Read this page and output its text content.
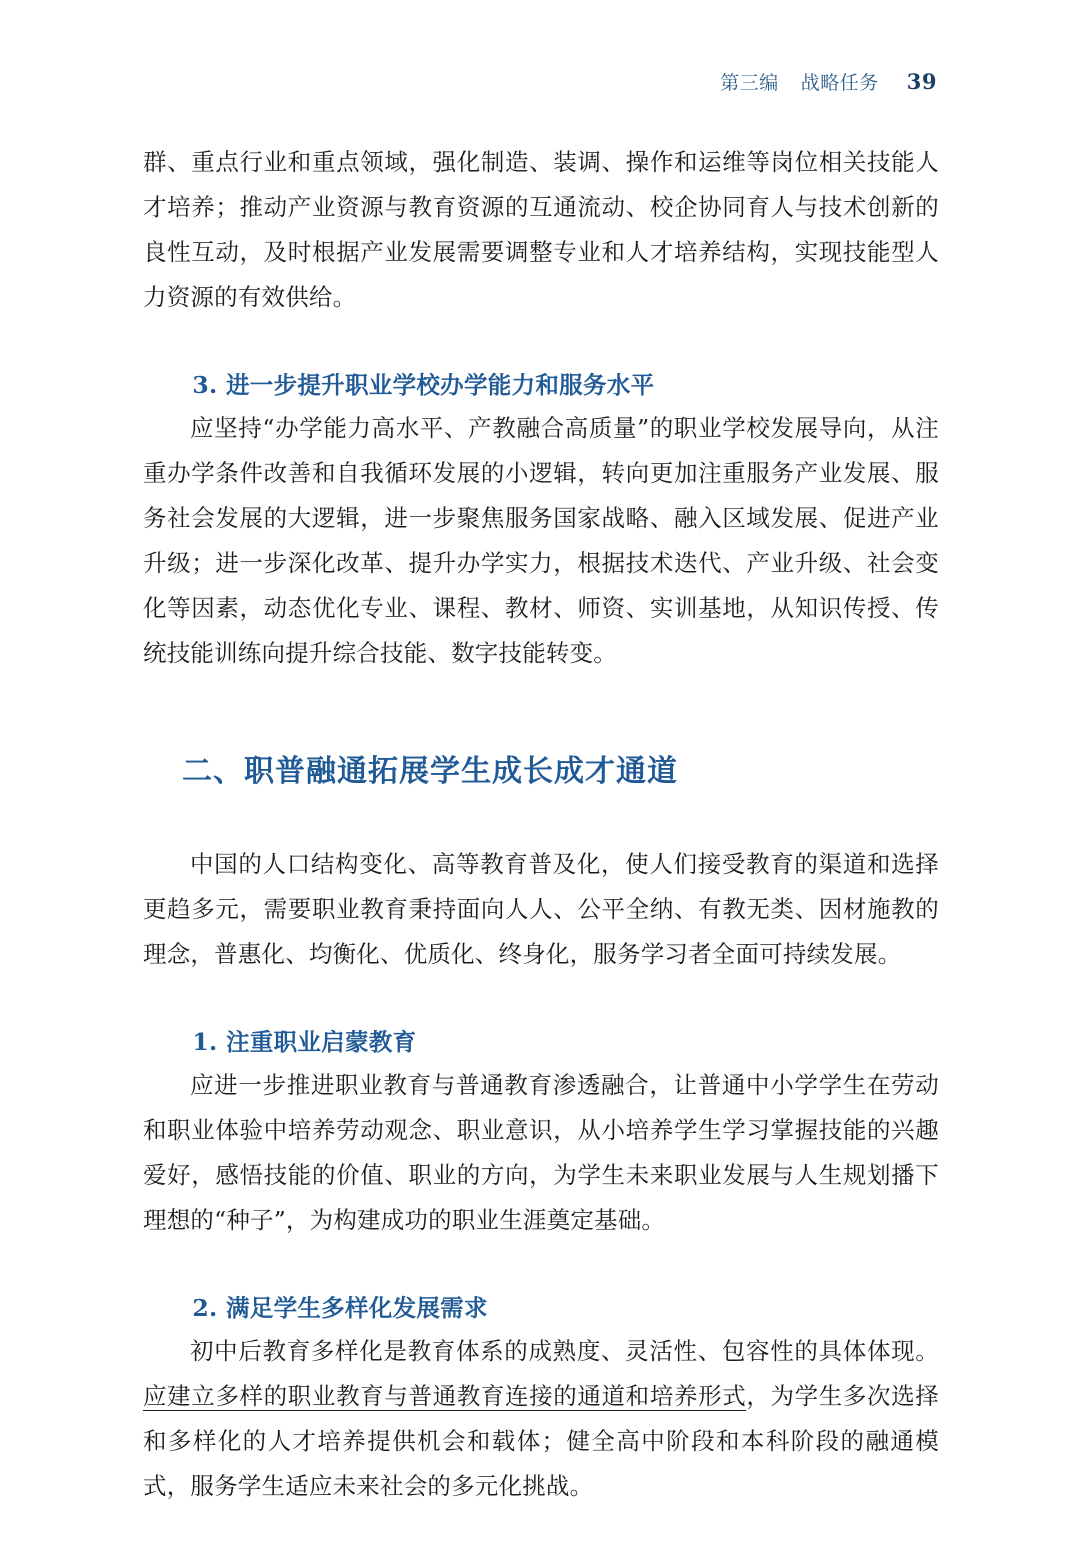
第三编 战略任务 39

群、重点行业和重点领域，强化制造、装调、操作和运维等岗位相关技能人才培养；推动产业资源与教育资源的互通流动、校企协同育人与技术创新的良性互动，及时根据产业发展需要调整专业和人才培养结构，实现技能型人力资源的有效供给。

3. 进一步提升职业学校办学能力和服务水平

应坚持“办学能力高水平、产教融合高质量”的职业学校发展导向，从注重办学条件改善和自我循环发展的小逻辑，转向更加注重服务产业发展、服务社会发展的大逻辑，进一步聚焦服务国家战略、融入区域发展、促进产业升级；进一步深化改革、提升办学实力，根据技术迭代、产业升级、社会变化等因素，动态优化专业、课程、教材、师资、实训基地，从知识传授、传统技能训练向提升综合技能、数字技能转变。

二、职普融通拓展学生成长成才通道

中国的人口结构变化、高等教育普及化，使人们接受教育的渠道和选择更趋多元，需要职业教育秉持面向人人、公平全纳、有教无类、因材施教的理念，普惠化、均衡化、优质化、终身化，服务学习者全面可持续发展。

1. 注重职业启蒙教育

应进一步推进职业教育与普通教育渗透融合，让普通中小学学生在劳动和职业体验中培养劳动观念、职业意识，从小培养学生学习掌握技能的兴趣爱好，感悟技能的价值、职业的方向，为学生未来职业发展与人生规划播下理想的“种子”，为构建成功的职业生涯奠定基础。

2. 满足学生多样化发展需求

初中后教育多样化是教育体系的成熟度、灵活性、包容性的具体体现。应建立多样的职业教育与普通教育连接的通道和培养形式，为学生多次选择和多样化的人才培养提供机会和载体；健全高中阶段和本科阶段的融通模式，服务学生适应未来社会的多元化挑战。
